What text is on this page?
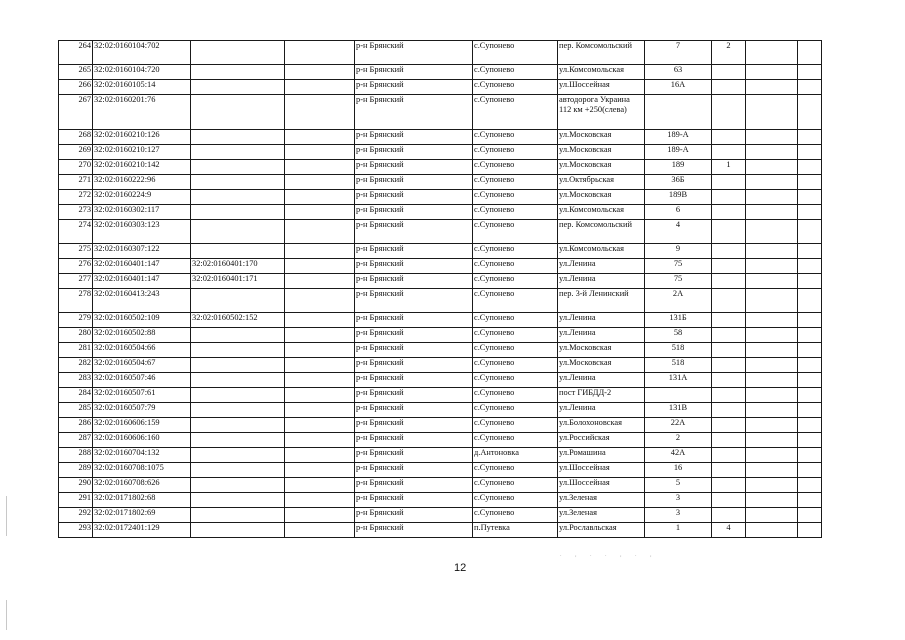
264	32:02:0160104:702			р-н Брянский	с.Супонево	пер. Комсомольский	7	2		
265	32:02:0160104:720			р-н Брянский	с.Супонево	ул.Комсомольская	63			
266	32:02:0160105:14			р-н Брянский	с.Супонево	ул.Шоссейная	16А			
267	32:02:0160201:76			р-н Брянский	с.Супонево	автодорога Украина 112 км +250(слева)				
268	32:02:0160210:126			р-н Брянский	с.Супонево	ул.Московская	189-А			
269	32:02:0160210:127			р-н Брянский	с.Супонево	ул.Московская	189-А			
270	32:02:0160210:142			р-н Брянский	с.Супонево	ул.Московская	189	1		
271	32:02:0160222:96			р-н Брянский	с.Супонево	ул.Октябрьская	36Б			
272	32:02:0160224:9			р-н Брянский	с.Супонево	ул.Московская	189В			
273	32:02:0160302:117			р-н Брянский	с.Супонево	ул.Комсомольская	6			
274	32:02:0160303:123			р-н Брянский	с.Супонево	пер. Комсомольский	4			
275	32:02:0160307:122			р-н Брянский	с.Супонево	ул.Комсомольская	9			
276	32:02:0160401:147	32:02:0160401:170		р-н Брянский	с.Супонево	ул.Ленина	75			
277	32:02:0160401:147	32:02:0160401:171		р-н Брянский	с.Супонево	ул.Ленина	75			
278	32:02:0160413:243			р-н Брянский	с.Супонево	пер. 3-й Ленинский	2А			
279	32:02:0160502:109	32:02:0160502:152		р-н Брянский	с.Супонево	ул.Ленина	131Б			
280	32:02:0160502:88			р-н Брянский	с.Супонево	ул.Ленина	58			
281	32:02:0160504:66			р-н Брянский	с.Супонево	ул.Московская	518			
282	32:02:0160504:67			р-н Брянский	с.Супонево	ул.Московская	518			
283	32:02:0160507:46			р-н Брянский	с.Супонево	ул.Ленина	131А			
284	32:02:0160507:61			р-н Брянский	с.Супонево	пост ГИБДД-2				
285	32:02:0160507:79			р-н Брянский	с.Супонево	ул.Ленина	131В			
286	32:02:0160606:159			р-н Брянский	с.Супонево	ул.Болохоновская	22А			
287	32:02:0160606:160			р-н Брянский	с.Супонево	ул.Российская	2			
288	32:02:0160704:132			р-н Брянский	д.Антоновка	ул.Ромашина	42А			
289	32:02:0160708:1075			р-н Брянский	с.Супонево	ул.Шоссейная	16			
290	32:02:0160708:626			р-н Брянский	с.Супонево	ул.Шоссейная	5			
291	32:02:0171802:68			р-н Брянский	с.Супонево	ул.Зеленая	3			
292	32:02:0171802:69			р-н Брянский	с.Супонево	ул.Зеленая	3			
293	32:02:0172401:129			р-н Брянский	п.Путевка	ул.Рославльская	1	4		
. , . . , . ,
12
